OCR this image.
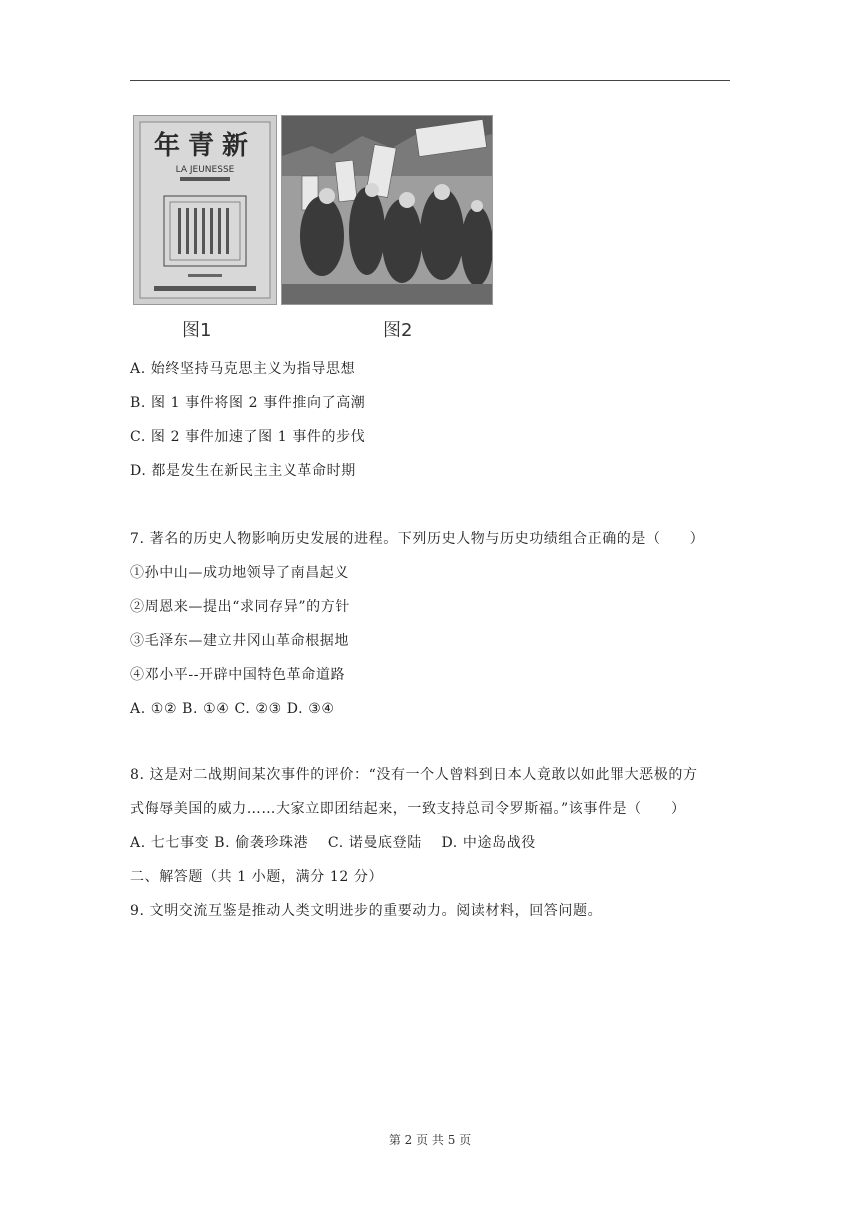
新青年
LA JEUNESSE
图1	图2
A. 始终坚持马克思主义为指导思想
B. 图 1 事件将图 2 事件推向了高潮
C. 图 2 事件加速了图 1 事件的步伐
D. 都是发生在新民主主义革命时期
7. 著名的历史人物影响历史发展的进程。下列历史人物与历史功绩组合正确的是（　　）
①孙中山—成功地领导了南昌起义
②周恩来—提出“求同存异”的方针
③毛泽东—建立井冈山革命根据地
④邓小平--开辟中国特色革命道路
A. ①② B. ①④ C. ②③ D. ③④
8. 这是对二战期间某次事件的评价：“没有一个人曾料到日本人竟敢以如此罪大恶极的方
式侮辱美国的威力……大家立即团结起来，一致支持总司令罗斯福。”该事件是（　　）
A. 七七事变 B. 偷袭珍珠港　 C. 诺曼底登陆　 D. 中途岛战役
二、解答题（共 1 小题，满分 12 分）
9. 文明交流互鉴是推动人类文明进步的重要动力。阅读材料，回答问题。
第 2 页 共 5 页
